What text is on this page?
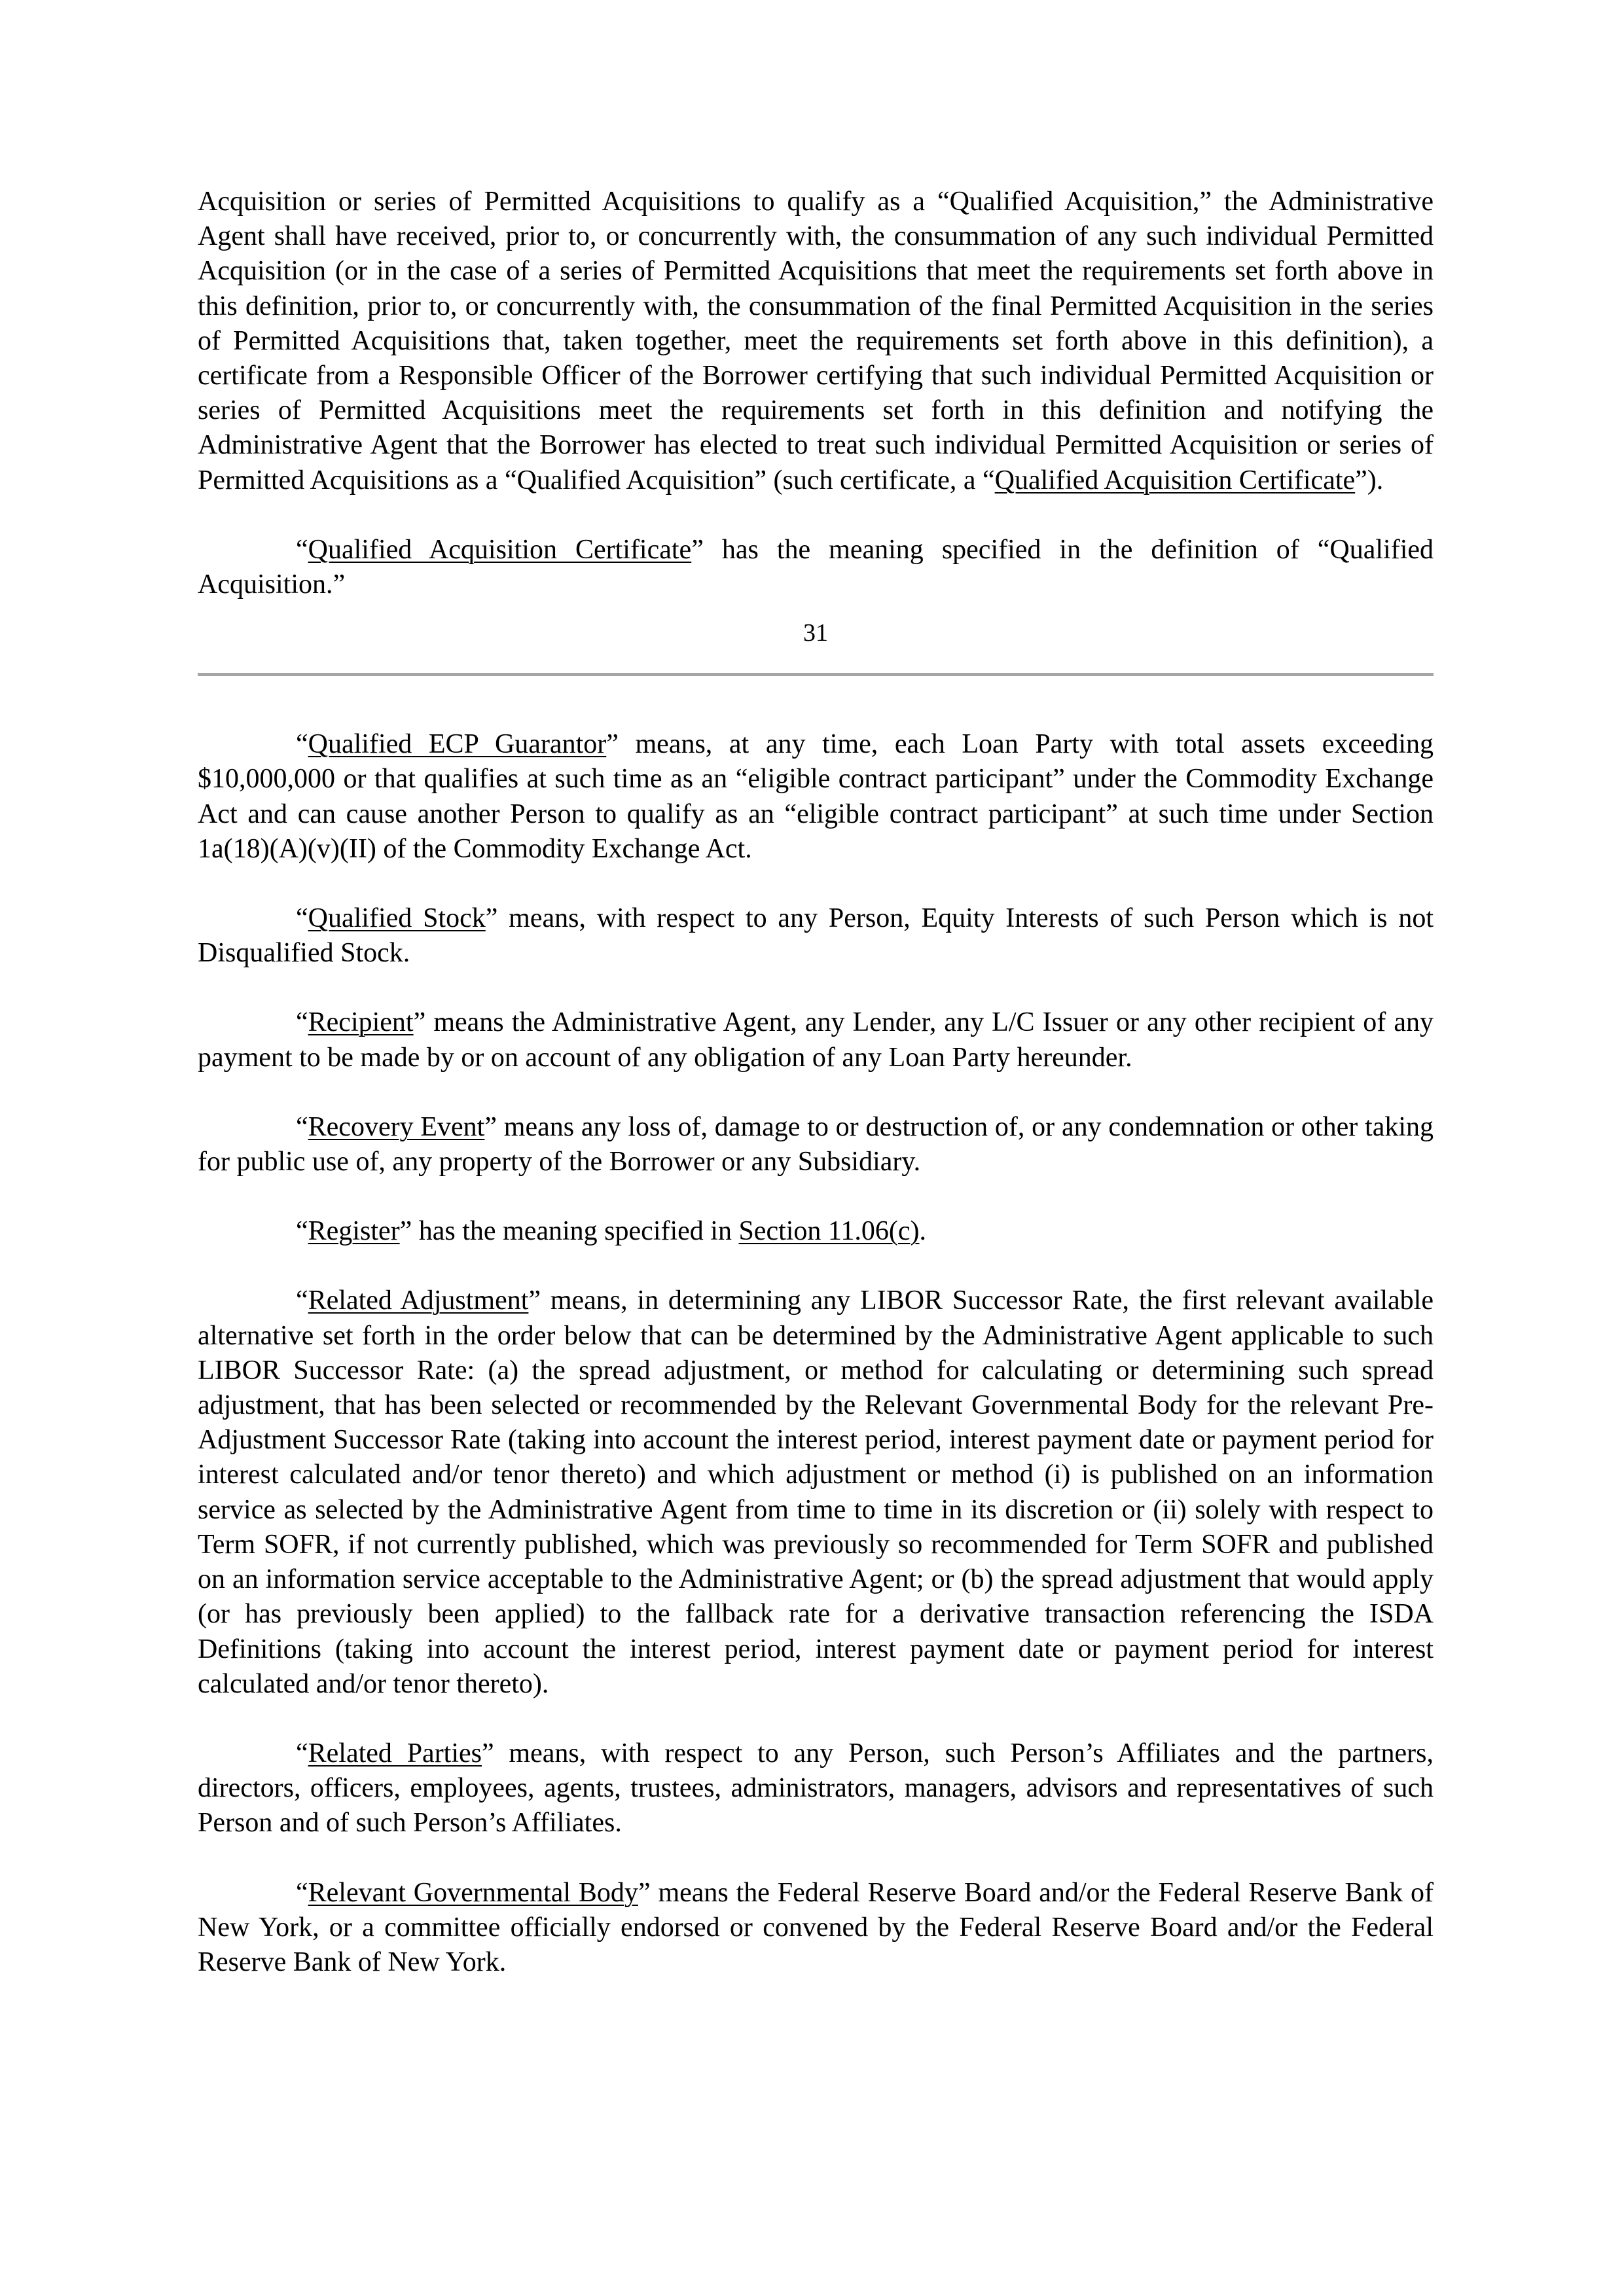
Acquisition or series of Permitted Acquisitions to qualify as a “Qualified Acquisition,” the Administrative Agent shall have received, prior to, or concurrently with, the consummation of any such individual Permitted Acquisition (or in the case of a series of Permitted Acquisitions that meet the requirements set forth above in this definition, prior to, or concurrently with, the consummation of the final Permitted Acquisition in the series of Permitted Acquisitions that, taken together, meet the requirements set forth above in this definition), a certificate from a Responsible Officer of the Borrower certifying that such individual Permitted Acquisition or series of Permitted Acquisitions meet the requirements set forth in this definition and notifying the Administrative Agent that the Borrower has elected to treat such individual Permitted Acquisition or series of Permitted Acquisitions as a “Qualified Acquisition” (such certificate, a “Qualified Acquisition Certificate”).

“Qualified Acquisition Certificate” has the meaning specified in the definition of “Qualified Acquisition.”

31

“Qualified ECP Guarantor” means, at any time, each Loan Party with total assets exceeding $10,000,000 or that qualifies at such time as an “eligible contract participant” under the Commodity Exchange Act and can cause another Person to qualify as an “eligible contract participant” at such time under Section 1a(18)(A)(v)(II) of the Commodity Exchange Act.

“Qualified Stock” means, with respect to any Person, Equity Interests of such Person which is not Disqualified Stock.

“Recipient” means the Administrative Agent, any Lender, any L/C Issuer or any other recipient of any payment to be made by or on account of any obligation of any Loan Party hereunder.

“Recovery Event” means any loss of, damage to or destruction of, or any condemnation or other taking for public use of, any property of the Borrower or any Subsidiary.

“Register” has the meaning specified in Section 11.06(c).

“Related Adjustment” means, in determining any LIBOR Successor Rate, the first relevant available alternative set forth in the order below that can be determined by the Administrative Agent applicable to such LIBOR Successor Rate: (a) the spread adjustment, or method for calculating or determining such spread adjustment, that has been selected or recommended by the Relevant Governmental Body for the relevant Pre-Adjustment Successor Rate (taking into account the interest period, interest payment date or payment period for interest calculated and/or tenor thereto) and which adjustment or method (i) is published on an information service as selected by the Administrative Agent from time to time in its discretion or (ii) solely with respect to Term SOFR, if not currently published, which was previously so recommended for Term SOFR and published on an information service acceptable to the Administrative Agent; or (b) the spread adjustment that would apply (or has previously been applied) to the fallback rate for a derivative transaction referencing the ISDA Definitions (taking into account the interest period, interest payment date or payment period for interest calculated and/or tenor thereto).

“Related Parties” means, with respect to any Person, such Person’s Affiliates and the partners, directors, officers, employees, agents, trustees, administrators, managers, advisors and representatives of such Person and of such Person’s Affiliates.

“Relevant Governmental Body” means the Federal Reserve Board and/or the Federal Reserve Bank of New York, or a committee officially endorsed or convened by the Federal Reserve Board and/or the Federal Reserve Bank of New York.
